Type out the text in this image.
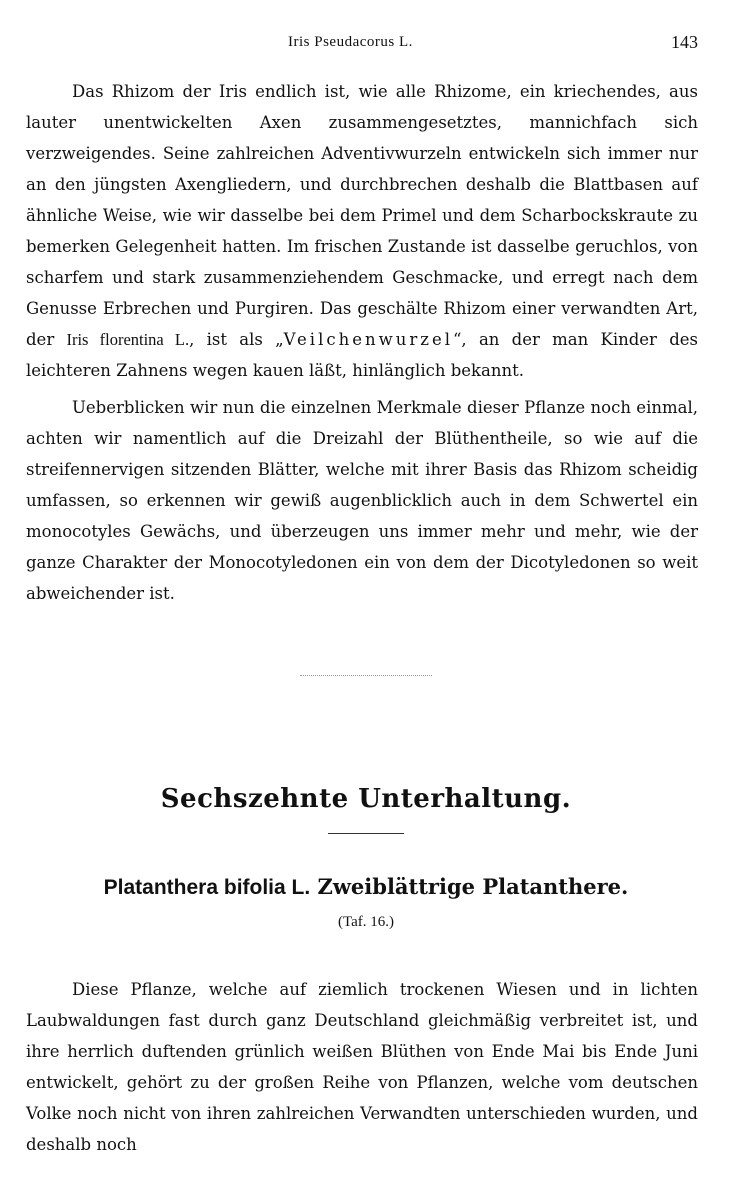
Iris Pseudacorus L.	143

Das Rhizom der Iris endlich ist, wie alle Rhizome, ein kriechendes, aus lauter unentwickelten Axen zusammengesetztes, mannichfach sich verzweigendes. Seine zahlreichen Adventivwurzeln entwickeln sich immer nur an den jüngsten Axengliedern, und durchbrechen deshalb die Blattbasen auf ähnliche Weise, wie wir dasselbe bei dem Primel und dem Scharbockskraute zu bemerken Gelegenheit hatten. Im frischen Zustande ist dasselbe geruchlos, von scharfem und stark zusammenziehendem Geschmacke, und erregt nach dem Genusse Erbrechen und Purgiren. Das geschälte Rhizom einer verwandten Art, der Iris florentina L., ist als „Veilchenwurzel“, an der man Kinder des leichteren Zahnens wegen kauen läßt, hinlänglich bekannt.

Ueberblicken wir nun die einzelnen Merkmale dieser Pflanze noch einmal, achten wir namentlich auf die Dreizahl der Blüthentheile, so wie auf die streifennervigen sitzenden Blätter, welche mit ihrer Basis das Rhizom scheidig umfassen, so erkennen wir gewiß augenblicklich auch in dem Schwertel ein monocotyles Gewächs, und überzeugen uns immer mehr und mehr, wie der ganze Charakter der Monocotyledonen ein von dem der Dicotyledonen so weit abweichender ist.

Sechszehnte Unterhaltung.
Platanthera bifolia L. Zweiblättrige Platanthere.
(Taf. 16.)

Diese Pflanze, welche auf ziemlich trockenen Wiesen und in lichten Laubwaldungen fast durch ganz Deutschland gleichmäßig verbreitet ist, und ihre herrlich duftenden grünlich weißen Blüthen von Ende Mai bis Ende Juni entwickelt, gehört zu der großen Reihe von Pflanzen, welche vom deutschen Volke noch nicht von ihren zahlreichen Verwandten unterschieden wurden, und deshalb noch
